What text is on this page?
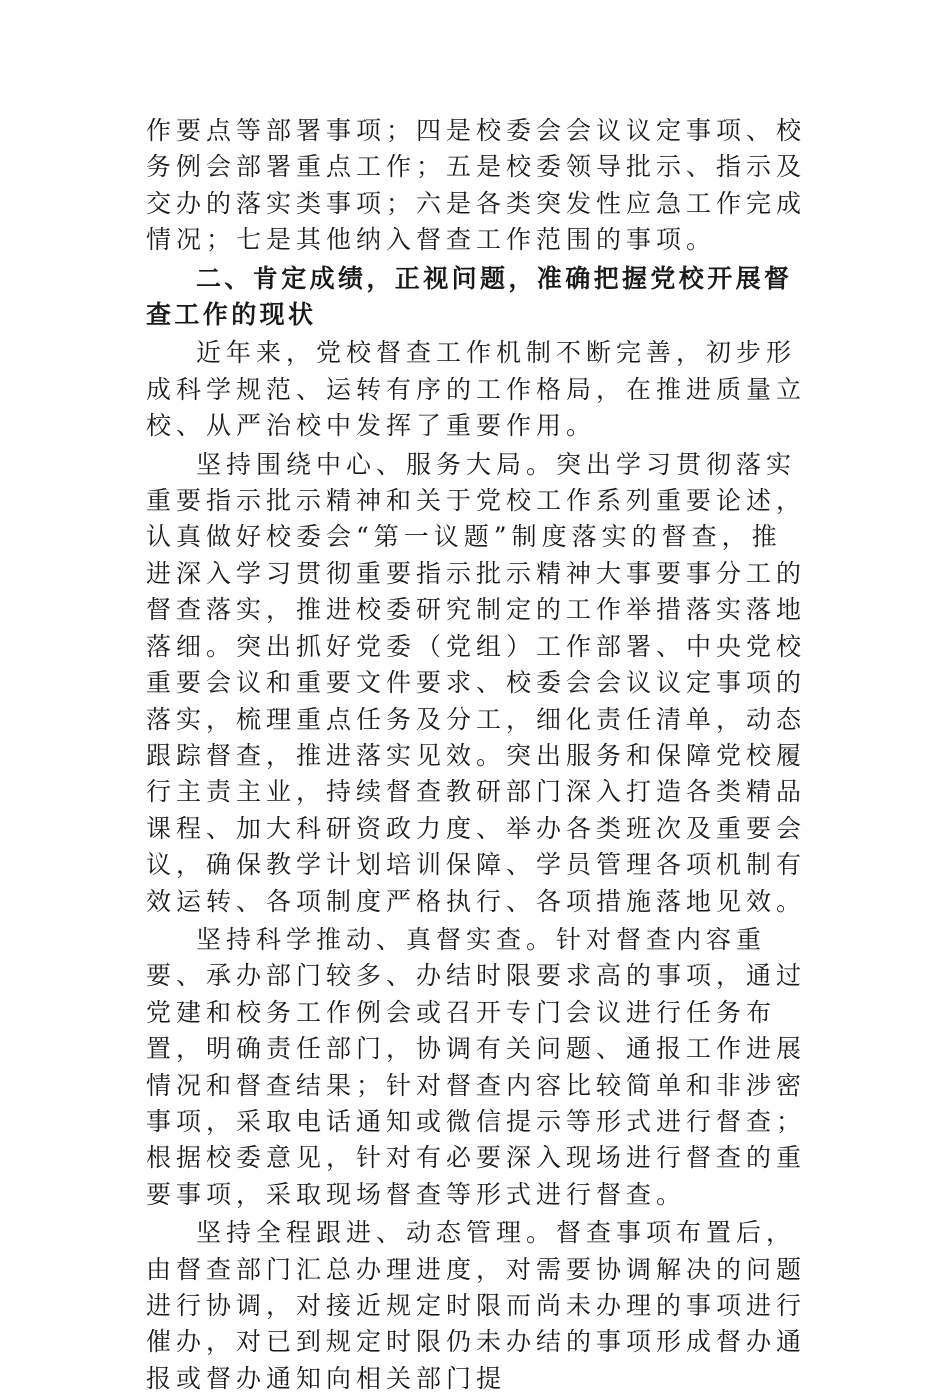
作要点等部署事项；四是校委会会议议定事项、校务例会部署重点工作；五是校委领导批示、指示及交办的落实类事项；六是各类突发性应急工作完成情况；七是其他纳入督查工作范围的事项。

二、肯定成绩，正视问题，准确把握党校开展督查工作的现状

近年来，党校督查工作机制不断完善，初步形成科学规范、运转有序的工作格局，在推进质量立校、从严治校中发挥了重要作用。

坚持围绕中心、服务大局。突出学习贯彻落实重要指示批示精神和关于党校工作系列重要论述，认真做好校委会“第一议题”制度落实的督查，推进深入学习贯彻重要指示批示精神大事要事分工的督查落实，推进校委研究制定的工作举措落实落地落细。突出抓好党委（党组）工作部署、中央党校重要会议和重要文件要求、校委会会议议定事项的落实，梳理重点任务及分工，细化责任清单，动态跟踪督查，推进落实见效。突出服务和保障党校履行主责主业，持续督查教研部门深入打造各类精品课程、加大科研资政力度、举办各类班次及重要会议，确保教学计划培训保障、学员管理各项机制有效运转、各项制度严格执行、各项措施落地见效。

坚持科学推动、真督实查。针对督查内容重要、承办部门较多、办结时限要求高的事项，通过党建和校务工作例会或召开专门会议进行任务布置，明确责任部门，协调有关问题、通报工作进展情况和督查结果；针对督查内容比较简单和非涉密事项，采取电话通知或微信提示等形式进行督查；根据校委意见，针对有必要深入现场进行督查的重要事项，采取现场督查等形式进行督查。

坚持全程跟进、动态管理。督查事项布置后，由督查部门汇总办理进度，对需要协调解决的问题进行协调，对接近规定时限而尚未办理的事项进行催办，对已到规定时限仍未办结的事项形成督办通报或督办通知向相关部门提
